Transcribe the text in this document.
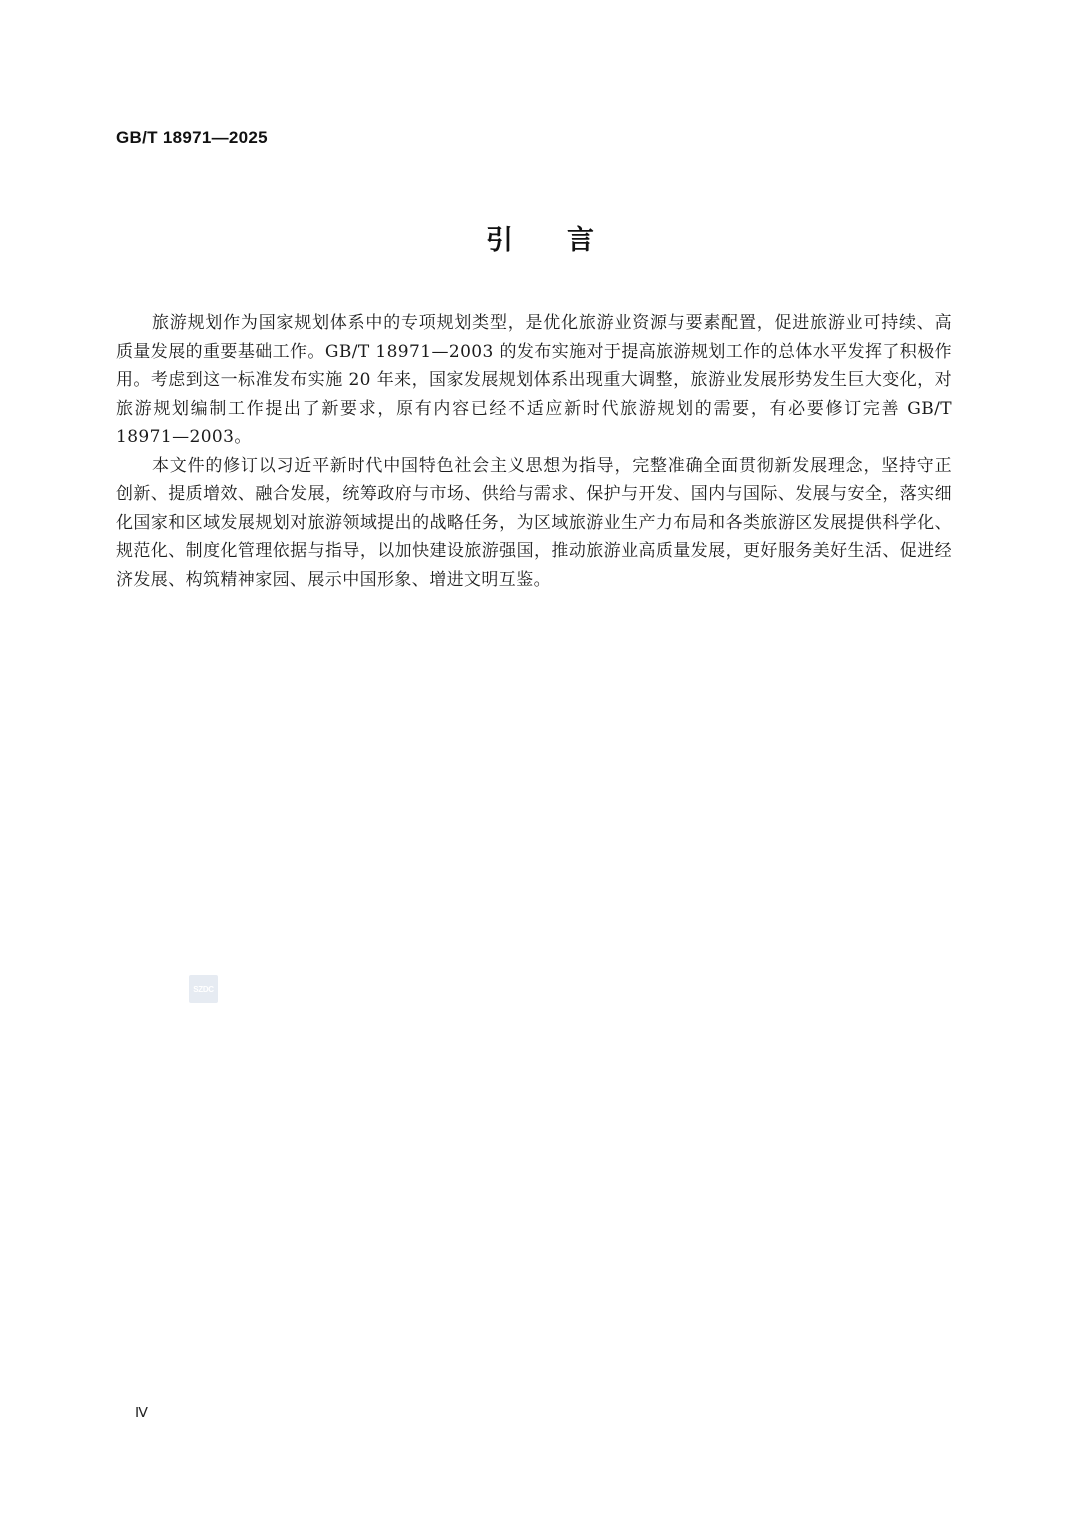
GB/T 18971—2025
引言

旅游规划作为国家规划体系中的专项规划类型，是优化旅游业资源与要素配置，促进旅游业可持续、高质量发展的重要基础工作。GB/T 18971—2003 的发布实施对于提高旅游规划工作的总体水平发挥了积极作用。考虑到这一标准发布实施 20 年来，国家发展规划体系出现重大调整，旅游业发展形势发生巨大变化，对旅游规划编制工作提出了新要求，原有内容已经不适应新时代旅游规划的需要，有必要修订完善 GB/T 18971—2003。

本文件的修订以习近平新时代中国特色社会主义思想为指导，完整准确全面贯彻新发展理念，坚持守正创新、提质增效、融合发展，统筹政府与市场、供给与需求、保护与开发、国内与国际、发展与安全，落实细化国家和区域发展规划对旅游领域提出的战略任务，为区域旅游业生产力布局和各类旅游区发展提供科学化、规范化、制度化管理依据与指导，以加快建设旅游强国，推动旅游业高质量发展，更好服务美好生活、促进经济发展、构筑精神家园、展示中国形象、增进文明互鉴。

SZDC
Ⅳ
